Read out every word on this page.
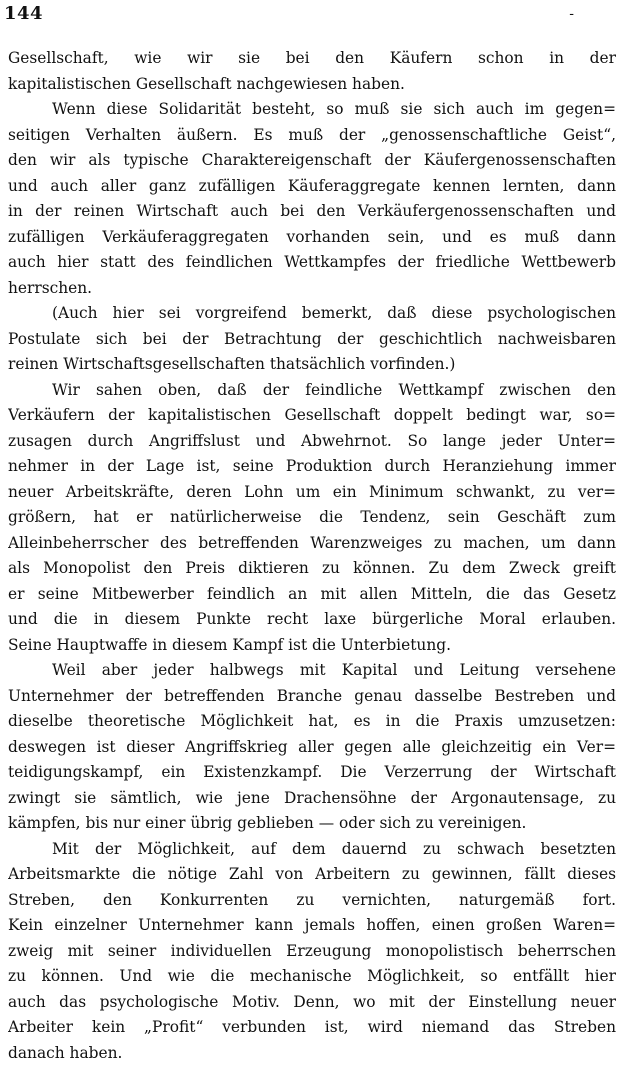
144	-
Gesellschaft, wie wir sie bei den Käufern schon in der
kapitalistischen Gesellschaft nachgewiesen haben.
Wenn diese Solidarität besteht, so muß sie sich auch im gegen=
seitigen Verhalten äußern. Es muß der „genossenschaftliche Geist“,
den wir als typische Charaktereigenschaft der Käufergenossenschaften
und auch aller ganz zufälligen Käuferaggregate kennen lernten, dann
in der reinen Wirtschaft auch bei den Verkäufergenossenschaften und
zufälligen Verkäuferaggregaten vorhanden sein, und es muß dann
auch hier statt des feindlichen Wettkampfes der friedliche Wettbewerb
herrschen.
(Auch hier sei vorgreifend bemerkt, daß diese psychologischen
Postulate sich bei der Betrachtung der geschichtlich nachweisbaren
reinen Wirtschaftsgesellschaften thatsächlich vorfinden.)
Wir sahen oben, daß der feindliche Wettkampf zwischen den
Verkäufern der kapitalistischen Gesellschaft doppelt bedingt war, so=
zusagen durch Angriffslust und Abwehrnot. So lange jeder Unter=
nehmer in der Lage ist, seine Produktion durch Heranziehung immer
neuer Arbeitskräfte, deren Lohn um ein Minimum schwankt, zu ver=
größern, hat er natürlicherweise die Tendenz, sein Geschäft zum
Alleinbeherrscher des betreffenden Warenzweiges zu machen, um dann
als Monopolist den Preis diktieren zu können. Zu dem Zweck greift
er seine Mitbewerber feindlich an mit allen Mitteln, die das Gesetz
und die in diesem Punkte recht laxe bürgerliche Moral erlauben.
Seine Hauptwaffe in diesem Kampf ist die Unterbietung.
Weil aber jeder halbwegs mit Kapital und Leitung versehene
Unternehmer der betreffenden Branche genau dasselbe Bestreben und
dieselbe theoretische Möglichkeit hat, es in die Praxis umzusetzen:
deswegen ist dieser Angriffskrieg aller gegen alle gleichzeitig ein Ver=
teidigungskampf, ein Existenzkampf. Die Verzerrung der Wirtschaft
zwingt sie sämtlich, wie jene Drachensöhne der Argonautensage, zu
kämpfen, bis nur einer übrig geblieben — oder sich zu vereinigen.
Mit der Möglichkeit, auf dem dauernd zu schwach besetzten
Arbeitsmarkte die nötige Zahl von Arbeitern zu gewinnen, fällt dieses
Streben, den Konkurrenten zu vernichten, naturgemäß fort.
Kein einzelner Unternehmer kann jemals hoffen, einen großen Waren=
zweig mit seiner individuellen Erzeugung monopolistisch beherrschen
zu können. Und wie die mechanische Möglichkeit, so entfällt hier
auch das psychologische Motiv. Denn, wo mit der Einstellung neuer
Arbeiter kein „Profit“ verbunden ist, wird niemand das Streben
danach haben.
